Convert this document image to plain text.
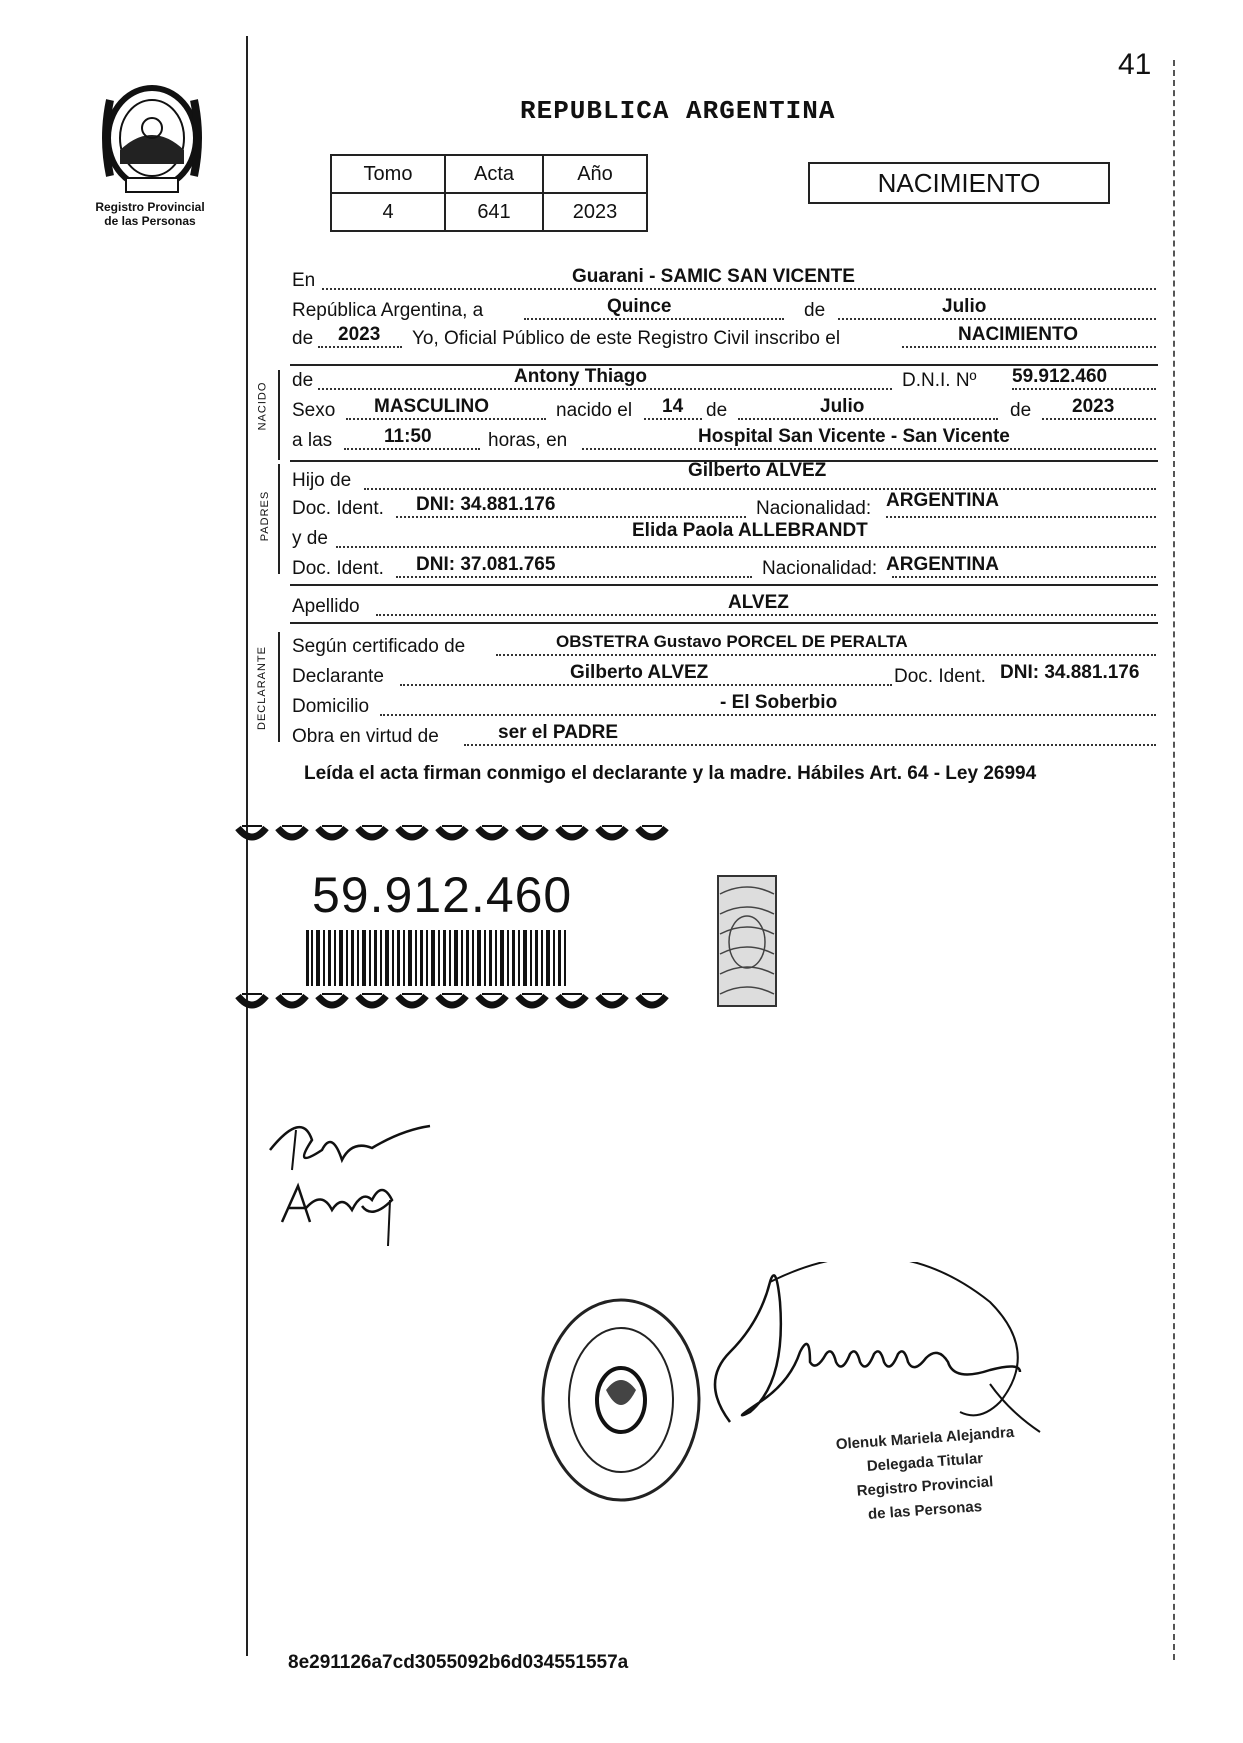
41
Registro Provincial
de las Personas
REPUBLICA ARGENTINA
Tomo	Acta	Año
4	641	2023
NACIMIENTO
En	Guarani - SAMIC SAN VICENTE
República Argentina, a	Quince	de	Julio
de 2023 Yo, Oficial Público de este Registro Civil inscribo el	NACIMIENTO
NACIDO
de	Antony Thiago	D.N.I. Nº 59.912.460
Sexo MASCULINO	nacido el 14 de	Julio	de 2023
a las	11:50	horas, en	Hospital San Vicente - San Vicente
PADRES
Hijo de	Gilberto ALVEZ
Doc. Ident. DNI: 34.881.176	Nacionalidad: ARGENTINA
y de	Elida Paola ALLEBRANDT
Doc. Ident. DNI: 37.081.765	Nacionalidad: ARGENTINA
Apellido	ALVEZ
DECLARANTE Según certificado de	OBSTETRA Gustavo PORCEL DE PERALTA
Declarante	Gilberto ALVEZ	Doc. Ident. DNI: 34.881.176
Domicilio	- El Soberbio
Obra en virtud de	ser el PADRE
Leída el acta firman conmigo el declarante y la madre. Hábiles Art. 64 - Ley 26994
59.912.460
Olenuk Mariela Alejandra
Delegada Titular
Registro Provincial
de las Personas
8e291126a7cd3055092b6d034551557a
